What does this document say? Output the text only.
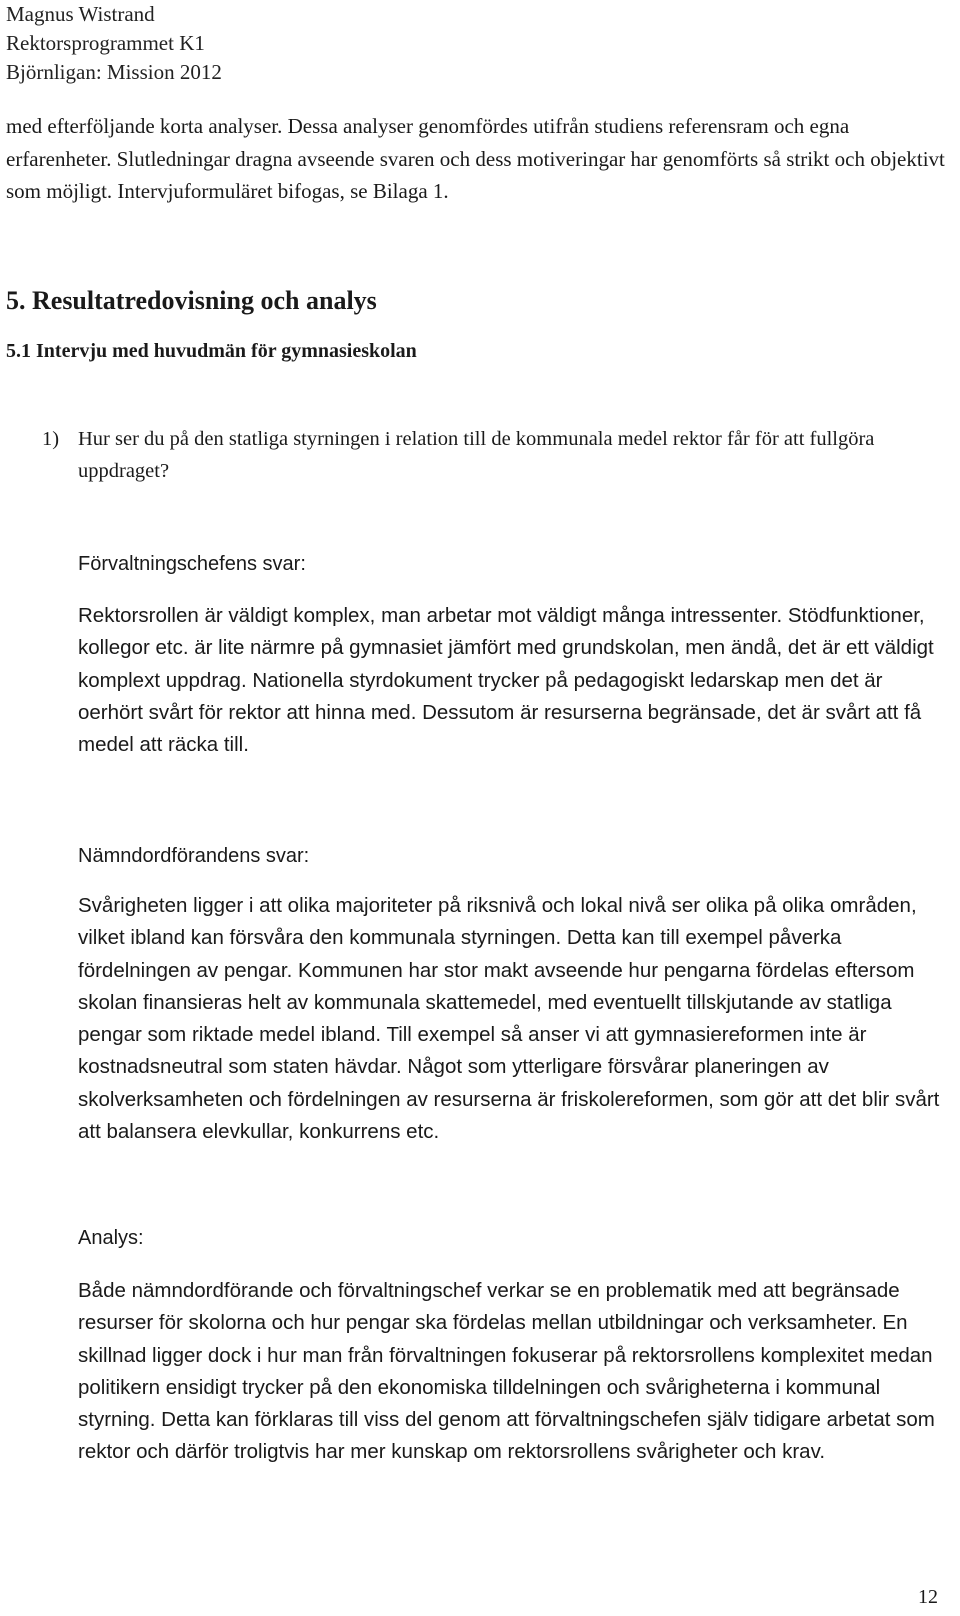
Magnus Wistrand
Rektorsprogrammet K1
Björnligan: Mission 2012

med efterföljande korta analyser. Dessa analyser genomfördes utifrån studiens referensram och egna erfarenheter. Slutledningar dragna avseende svaren och dess motiveringar har genomförts så strikt och objektivt som möjligt. Intervjuformuläret bifogas, se Bilaga 1.

5. Resultatredovisning och analys
5.1 Intervju med huvudmän för gymnasieskolan
1) Hur ser du på den statliga styrningen i relation till de kommunala medel rektor får för att fullgöra uppdraget?
Förvaltningschefens svar:

Rektorsrollen är väldigt komplex, man arbetar mot väldigt många intressenter. Stödfunktioner, kollegor etc. är lite närmre på gymnasiet jämfört med grundskolan, men ändå, det är ett väldigt komplext uppdrag. Nationella styrdokument trycker på pedagogiskt ledarskap men det är oerhört svårt för rektor att hinna med. Dessutom är resurserna begränsade, det är svårt att få medel att räcka till.

Nämndordförandens svar:

Svårigheten ligger i att olika majoriteter på riksnivå och lokal nivå ser olika på olika områden, vilket ibland kan försvåra den kommunala styrningen. Detta kan till exempel påverka fördelningen av pengar. Kommunen har stor makt avseende hur pengarna fördelas eftersom skolan finansieras helt av kommunala skattemedel, med eventuellt tillskjutande av statliga pengar som riktade medel ibland. Till exempel så anser vi att gymnasiereformen inte är kostnadsneutral som staten hävdar. Något som ytterligare försvårar planeringen av skolverksamheten och fördelningen av resurserna är friskolereformen, som gör att det blir svårt att balansera elevkullar, konkurrens etc.

Analys:

Både nämndordförande och förvaltningschef verkar se en problematik med att begränsade resurser för skolorna och hur pengar ska fördelas mellan utbildningar och verksamheter. En skillnad ligger dock i hur man från förvaltningen fokuserar på rektorsrollens komplexitet medan politikern ensidigt trycker på den ekonomiska tilldelningen och svårigheterna i kommunal styrning. Detta kan förklaras till viss del genom att förvaltningschefen själv tidigare arbetat som rektor och därför troligtvis har mer kunskap om rektorsrollens svårigheter och krav.

12
